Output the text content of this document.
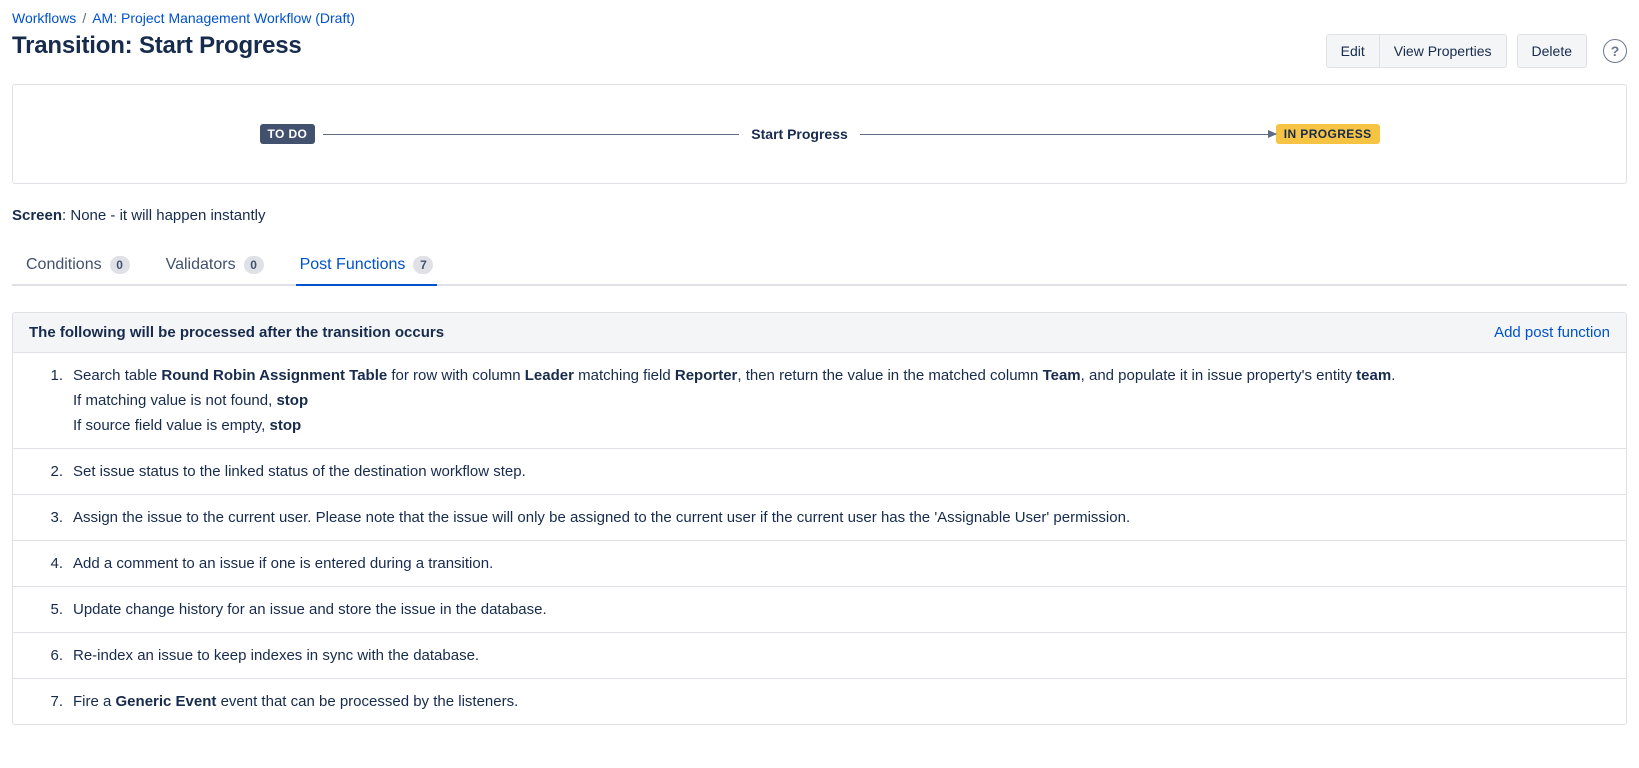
Workflows / AM: Project Management Workflow (Draft)
Transition: Start Progress	Edit	View Properties	Delete	?
TO DO	Start Progress	IN PROGRESS
Screen: None - it will happen instantly
Conditions	0	Validators	0	Post Functions	7
The following will be processed after the transition occurs	Add post function
1 . Search table Round Robin Assignment Table for row with column Leader matching field Reporter, then return the value in the matched column Team, and populate it in issue property's entity team.
If matching value is not found, stop
If source field value is empty, stop
2 . Set issue status to the linked status of the destination workflow step.
3 . Assign the issue to the current user. Please note that the issue will only be assigned to the current user if the current user has the 'Assignable User' permission.
4 . Add a comment to an issue if one is entered during a transition.
5 . Update change history for an issue and store the issue in the database.
6 . Re-index an issue to keep indexes in sync with the database.
7 . Fire a Generic Event event that can be processed by the listeners.
